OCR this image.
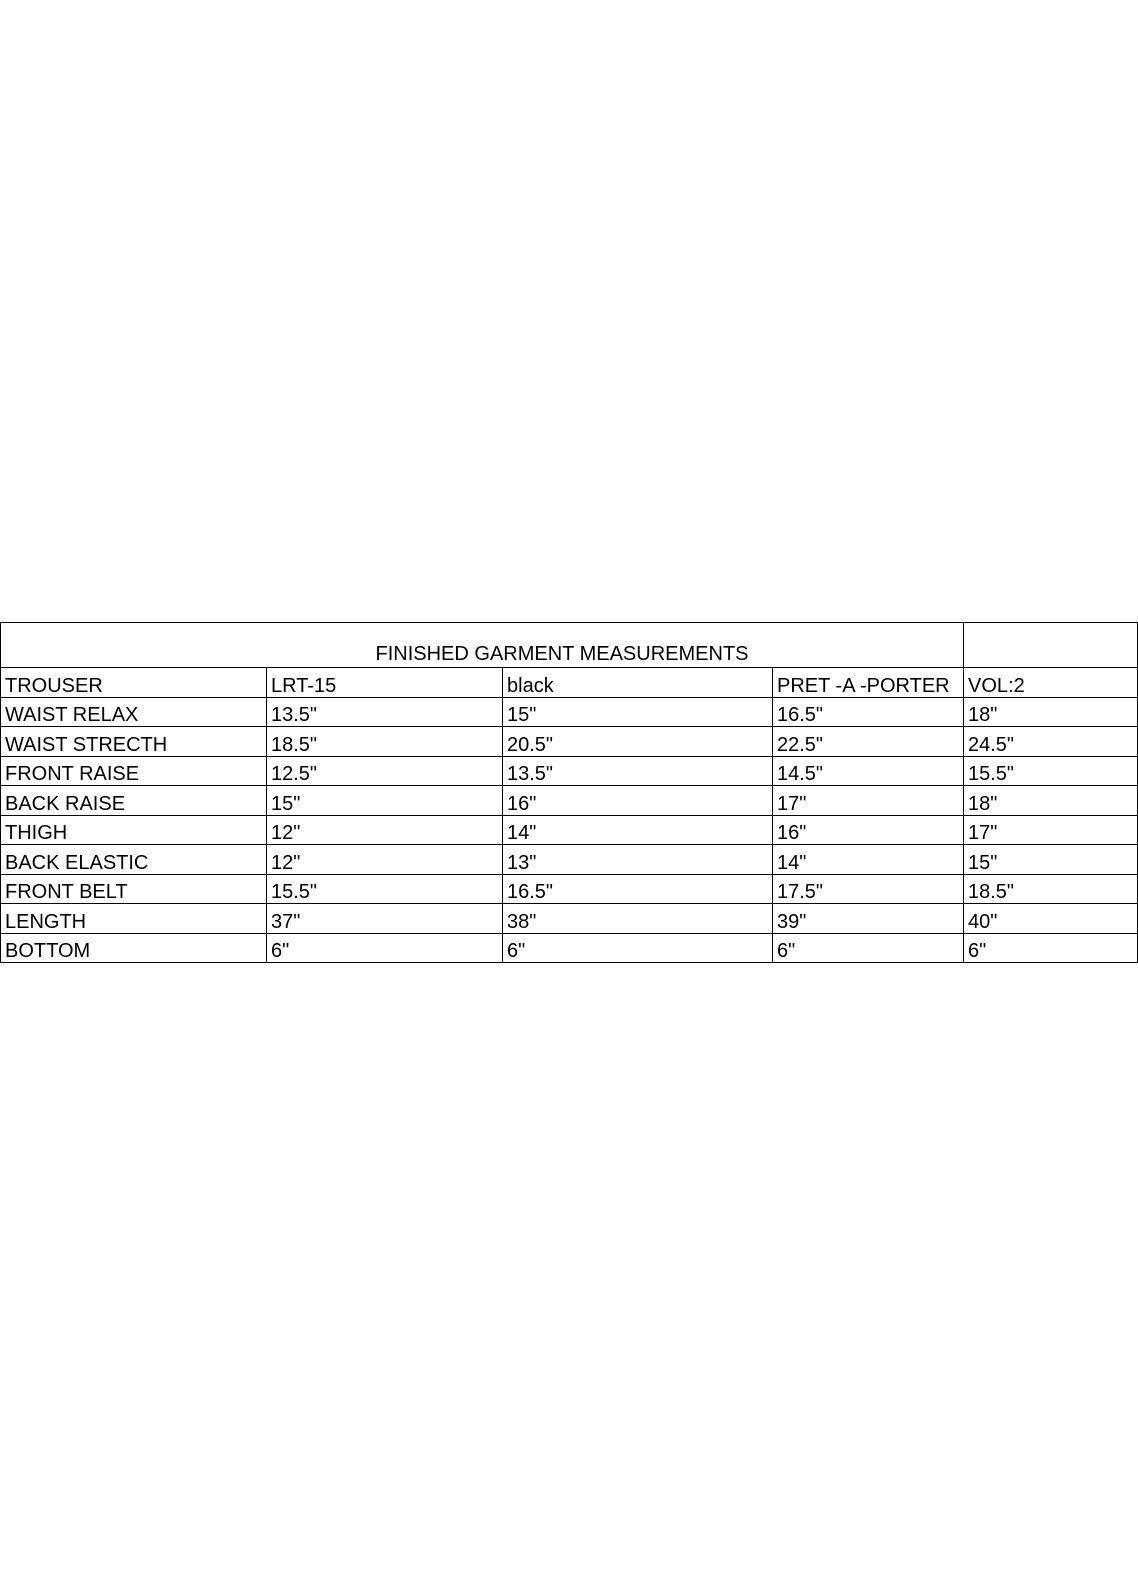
FINISHED GARMENT MEASUREMENTS				
TROUSER	LRT-15	black	PRET -A -PORTER	VOL:2
WAIST RELAX	13.5"	15"	16.5"	18"
WAIST STRECTH	18.5"	20.5"	22.5"	24.5"
FRONT RAISE	12.5"	13.5"	14.5"	15.5"
BACK RAISE	15"	16"	17"	18"
THIGH	12"	14"	16"	17"
BACK ELASTIC	12"	13"	14"	15"
FRONT BELT	15.5"	16.5"	17.5"	18.5"
LENGTH	37"	38"	39"	40"
BOTTOM	6"	6"	6"	6"
